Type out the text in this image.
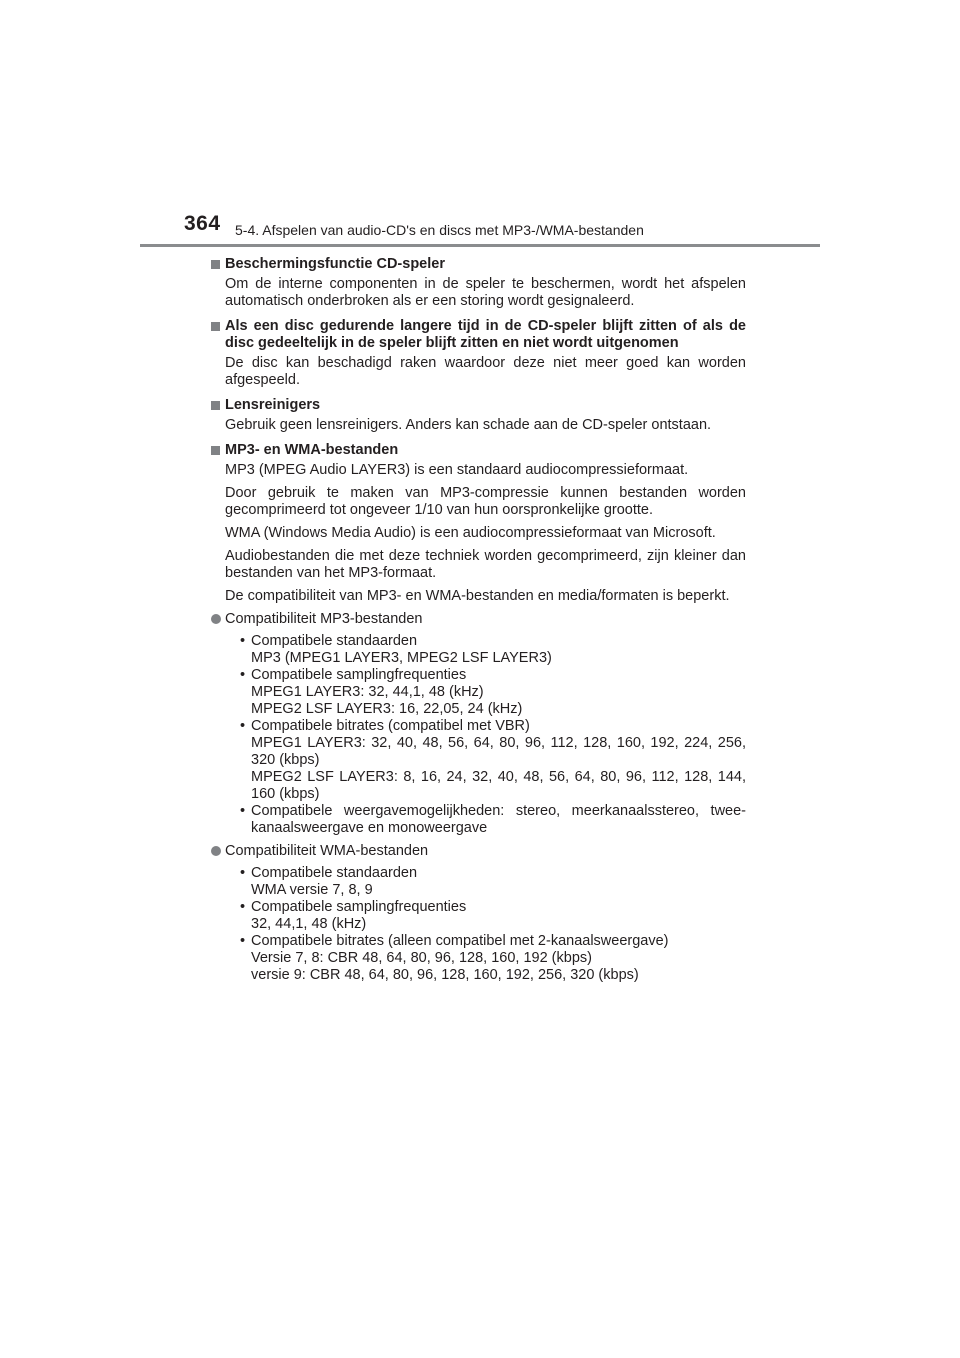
364 5-4. Afspelen van audio-CD's en discs met MP3-/WMA-bestanden
Beschermingsfunctie CD-speler
Om de interne componenten in de speler te beschermen, wordt het afspelen automatisch onderbroken als er een storing wordt gesignaleerd.
Als een disc gedurende langere tijd in de CD-speler blijft zitten of als de disc gedeeltelijk in de speler blijft zitten en niet wordt uitgenomen
De disc kan beschadigd raken waardoor deze niet meer goed kan worden afgespeeld.
Lensreinigers
Gebruik geen lensreinigers. Anders kan schade aan de CD-speler ontstaan.
MP3- en WMA-bestanden
MP3 (MPEG Audio LAYER3) is een standaard audiocompressieformaat.
Door gebruik te maken van MP3-compressie kunnen bestanden worden gecomprimeerd tot ongeveer 1/10 van hun oorspronkelijke grootte.
WMA (Windows Media Audio) is een audiocompressieformaat van Microsoft.
Audiobestanden die met deze techniek worden gecomprimeerd, zijn kleiner dan bestanden van het MP3-formaat.
De compatibiliteit van MP3- en WMA-bestanden en media/formaten is beperkt.
Compatibiliteit MP3-bestanden
• Compatibele standaarden
MP3 (MPEG1 LAYER3, MPEG2 LSF LAYER3)
• Compatibele samplingfrequenties
MPEG1 LAYER3: 32, 44,1, 48 (kHz)
MPEG2 LSF LAYER3: 16, 22,05, 24 (kHz)
• Compatibele bitrates (compatibel met VBR)
MPEG1 LAYER3: 32, 40, 48, 56, 64, 80, 96, 112, 128, 160, 192, 224, 256, 320 (kbps)
MPEG2 LSF LAYER3: 8, 16, 24, 32, 40, 48, 56, 64, 80, 96, 112, 128, 144, 160 (kbps)
• Compatibele weergavemogelijkheden: stereo, meerkanaalsstereo, twee-kanaalsweergave en monoweergave
Compatibiliteit WMA-bestanden
• Compatibele standaarden
WMA versie 7, 8, 9
• Compatibele samplingfrequenties
32, 44,1, 48 (kHz)
• Compatibele bitrates (alleen compatibel met 2-kanaalsweergave)
Versie 7, 8: CBR 48, 64, 80, 96, 128, 160, 192 (kbps)
versie 9: CBR 48, 64, 80, 96, 128, 160, 192, 256, 320 (kbps)
